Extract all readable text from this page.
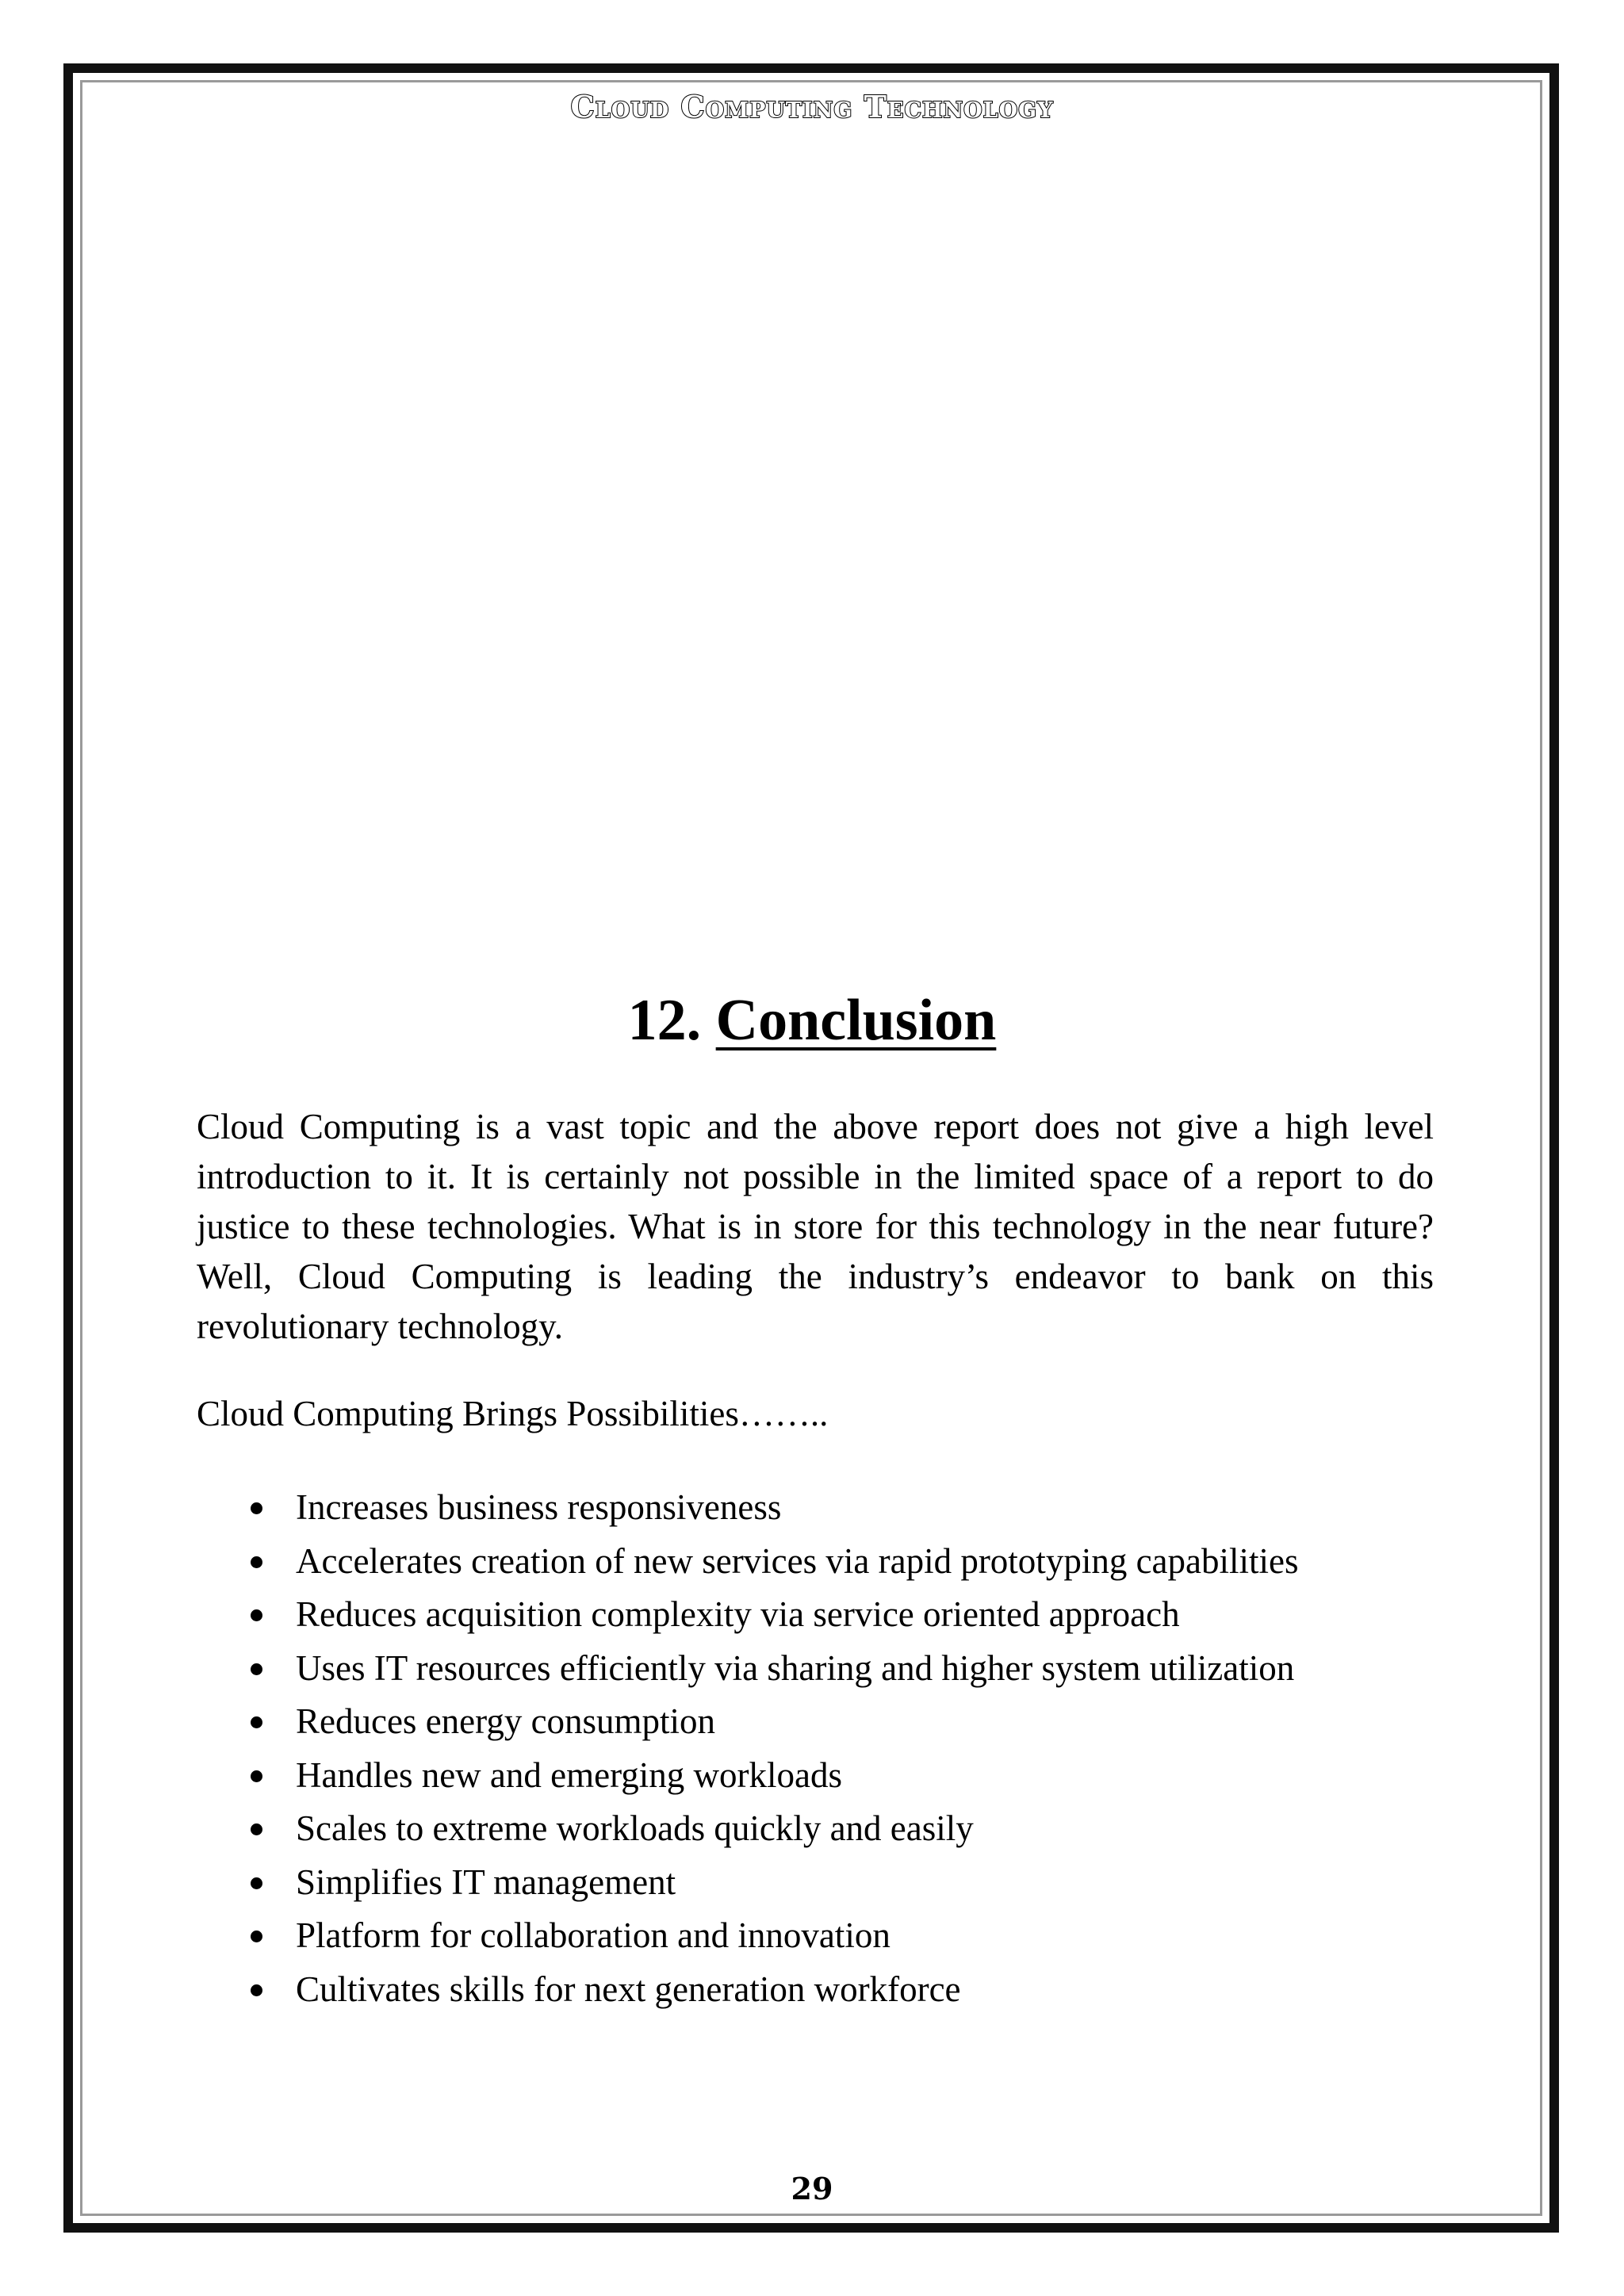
Cloud Computing Technology
12. Conclusion

Cloud Computing is a vast topic and the above report does not give a high level introduction to it. It is certainly not possible in the limited space of a report to do justice to these technologies. What is in store for this technology in the near future? Well, Cloud Computing is leading the industry’s endeavor to bank on this revolutionary technology.

Cloud Computing Brings Possibilities……..

Increases business responsiveness
Accelerates creation of new services via rapid prototyping capabilities
Reduces acquisition complexity via service oriented approach
Uses IT resources efficiently via sharing and higher system utilization
Reduces energy consumption
Handles new and emerging workloads
Scales to extreme workloads quickly and easily
Simplifies IT management
Platform for collaboration and innovation
Cultivates skills for next generation workforce
29
